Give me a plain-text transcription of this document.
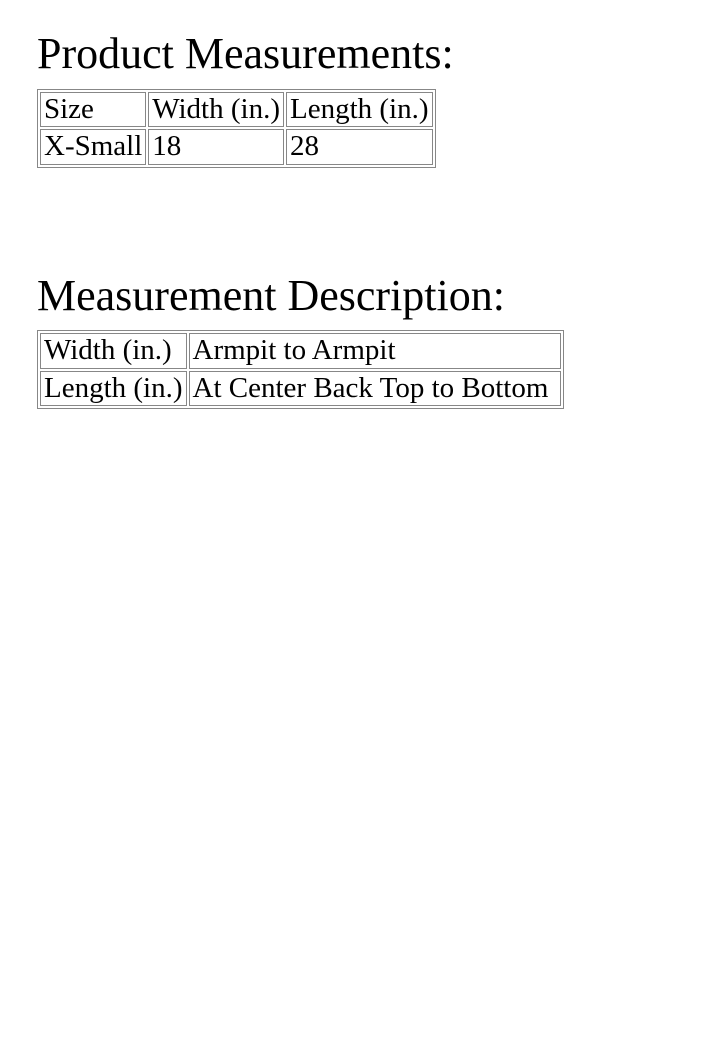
Product Measurements:
Size	Width (in.)	Length (in.)
X-Small	18	28
Measurement Description:
Width (in.)	Armpit to Armpit
Length (in.)	At Center Back Top to Bottom
